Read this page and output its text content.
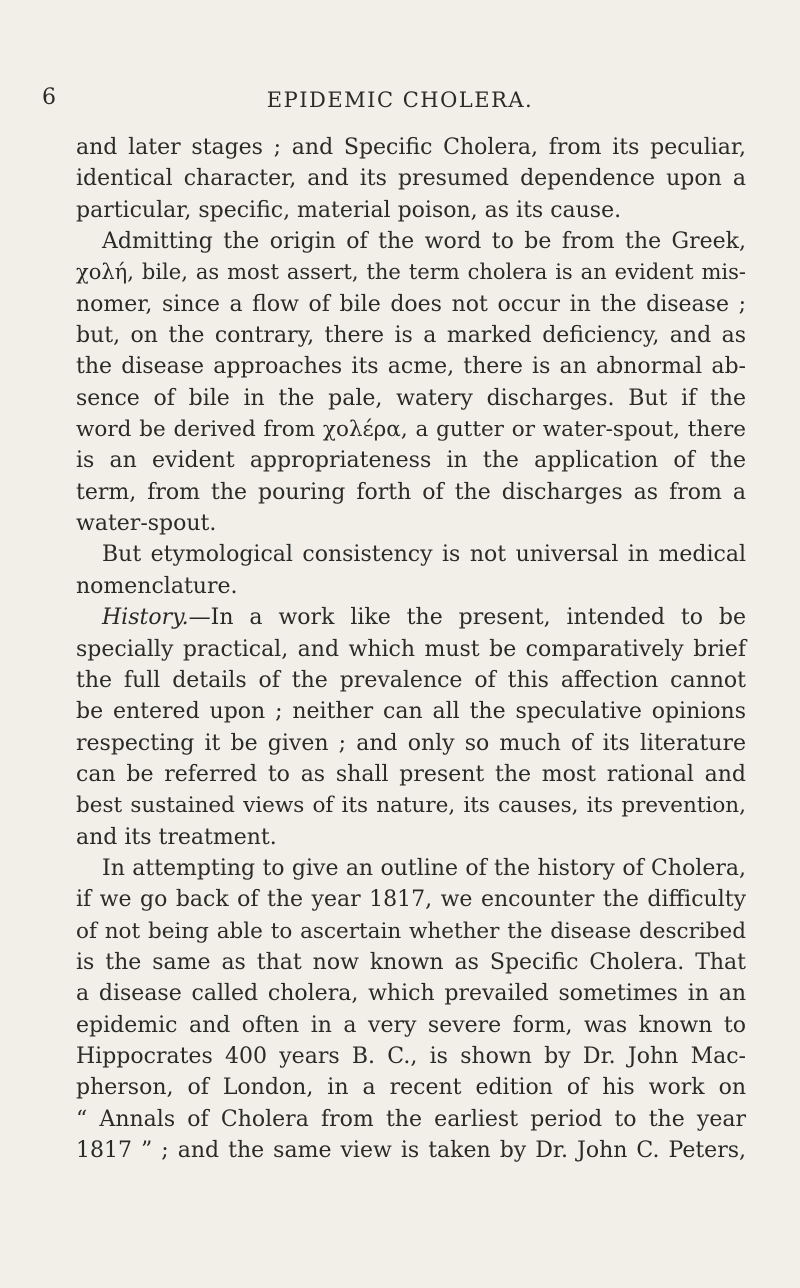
6	EPIDEMIC CHOLERA.
and later stages ; and Specific Cholera, from its peculiar,
identical character, and its presumed dependence upon a
particular, specific, material poison, as its cause.
Admitting the origin of the word to be from the Greek,
χολή, bile, as most assert, the term cholera is an evident mis-
nomer, since a flow of bile does not occur in the disease ;
but, on the contrary, there is a marked deficiency, and as
the disease approaches its acme, there is an abnormal ab-
sence of bile in the pale, watery discharges. But if the
word be derived from χολέρα, a gutter or water-spout, there
is an evident appropriateness in the application of the
term, from the pouring forth of the discharges as from a
water-spout.
But etymological consistency is not universal in medical
nomenclature.
History.—In a work like the present, intended to be
specially practical, and which must be comparatively brief
the full details of the prevalence of this affection cannot
be entered upon ; neither can all the speculative opinions
respecting it be given ; and only so much of its literature
can be referred to as shall present the most rational and
best sustained views of its nature, its causes, its prevention,
and its treatment.
In attempting to give an outline of the history of Cholera,
if we go back of the year 1817, we encounter the difficulty
of not being able to ascertain whether the disease described
is the same as that now known as Specific Cholera. That
a disease called cholera, which prevailed sometimes in an
epidemic and often in a very severe form, was known to
Hippocrates 400 years B. C., is shown by Dr. John Mac-
pherson, of London, in a recent edition of his work on
“ Annals of Cholera from the earliest period to the year
1817 ” ; and the same view is taken by Dr. John C. Peters,
